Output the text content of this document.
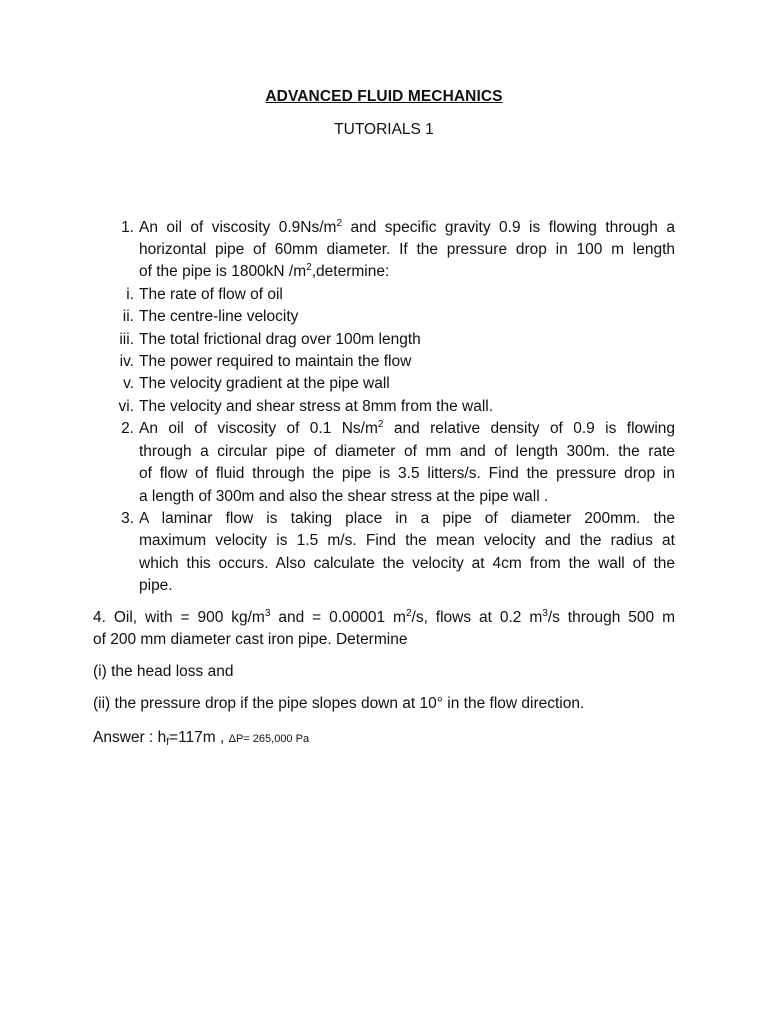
ADVANCED FLUID MECHANICS
TUTORIALS 1
1. An oil of viscosity $0.9Ns/m^2$ and specific gravity 0.9 is flowing through a
horizontal pipe of 60mm diameter. If the pressure drop in 100 m length
of the pipe is 1800kN $/m^2,determine$:
i. The rate of flow of oil
ii. The centre-line velocity
iii. The total frictional drag over 100m length
iv. The power required to maintain the flow
v. The velocity gradient at the pipe wall
vi. The velocity and shear stress at 8mm from the wall.
2. An oil of viscosity of 0.1 $Ns/m^2$ and relative density of 0.9 is flowing
through a circular pipe of diameter of mm and of length 300m. the rate
of flow of fluid through the pipe is 3.5 litters/s. Find the pressure drop in
a length of 300m and also the shear stress at the pipe wall .
3. A laminar flow is taking place in a pipe of diameter 200mm. the
maximum velocity is 1.5 m/s. Find the mean velocity and the radius at
which this occurs. Also calculate the velocity at 4cm from the wall of the
pipe.
4. Oil, with = 900 $kg/m^3$ and = 0.00001 $m^2/s$, flows at 0.2 $m^3/s$ through 500 m
of 200 mm diameter cast iron pipe. Determine
(i) the head loss and
(ii) the pressure drop if the pipe slopes down at 10° in the flow direction.
Answer : $h_f=117m$ , ΔP= 265,000 Pa
